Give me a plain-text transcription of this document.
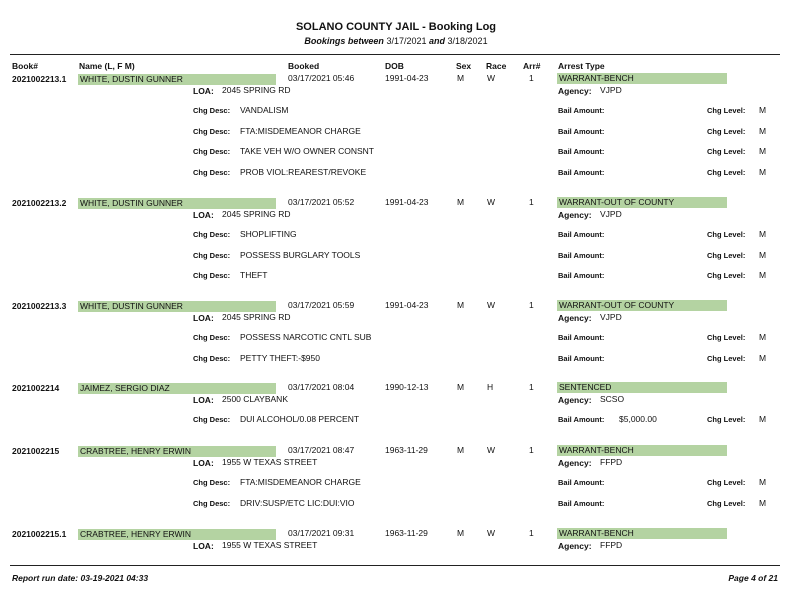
SOLANO COUNTY JAIL - Booking Log
Bookings between 3/17/2021 and 3/18/2021
Book#	Name (L, F M)	Booked	DOB	Sex Race Arr# Arrest Type
2021002213.1 WHITE, DUSTIN GUNNER	03/17/2021 05:46	1991-04-23	M	W	1	WARRANT-BENCH
LOA: 2045 SPRING RD	Agency: VJPD
Chg Desc: VANDALISM	Bail Amount:	Chg Level: M
Chg Desc: FTA:MISDEMEANOR CHARGE	Bail Amount:	Chg Level: M
Chg Desc: TAKE VEH W/O OWNER CONSNT	Bail Amount:	Chg Level: M
Chg Desc: PROB VIOL:REAREST/REVOKE	Bail Amount:	Chg Level: M
2021002213.2 WHITE, DUSTIN GUNNER	03/17/2021 05:52	1991-04-23	M	W	1	WARRANT-OUT OF COUNTY
LOA: 2045 SPRING RD	Agency: VJPD
Chg Desc: SHOPLIFTING	Bail Amount:	Chg Level: M
Chg Desc: POSSESS BURGLARY TOOLS	Bail Amount:	Chg Level: M
Chg Desc: THEFT	Bail Amount:	Chg Level: M
2021002213.3 WHITE, DUSTIN GUNNER	03/17/2021 05:59	1991-04-23	M	W	1	WARRANT-OUT OF COUNTY
LOA: 2045 SPRING RD	Agency: VJPD
Chg Desc: POSSESS NARCOTIC CNTL SUB	Bail Amount:	Chg Level: M
Chg Desc: PETTY THEFT:-$950	Bail Amount:	Chg Level: M
2021002214 JAIMEZ, SERGIO DIAZ	03/17/2021 08:04	1990-12-13	M	H	1	SENTENCED
LOA: 2500 CLAYBANK	Agency: SCSO
Chg Desc: DUI ALCOHOL/0.08 PERCENT	Bail Amount: $5,000.00	Chg Level: M
2021002215 CRABTREE, HENRY ERWIN	03/17/2021 08:47	1963-11-29	M	W	1	WARRANT-BENCH
LOA: 1955 W TEXAS STREET	Agency: FFPD
Chg Desc: FTA:MISDEMEANOR CHARGE	Bail Amount:	Chg Level: M
Chg Desc: DRIV:SUSP/ETC LIC:DUI:VIO	Bail Amount:	Chg Level: M
2021002215.1 CRABTREE, HENRY ERWIN	03/17/2021 09:31	1963-11-29	M	W	1	WARRANT-BENCH
LOA: 1955 W TEXAS STREET	Agency: FFPD
Report run date: 03-19-2021 04:33	Page 4 of 21
